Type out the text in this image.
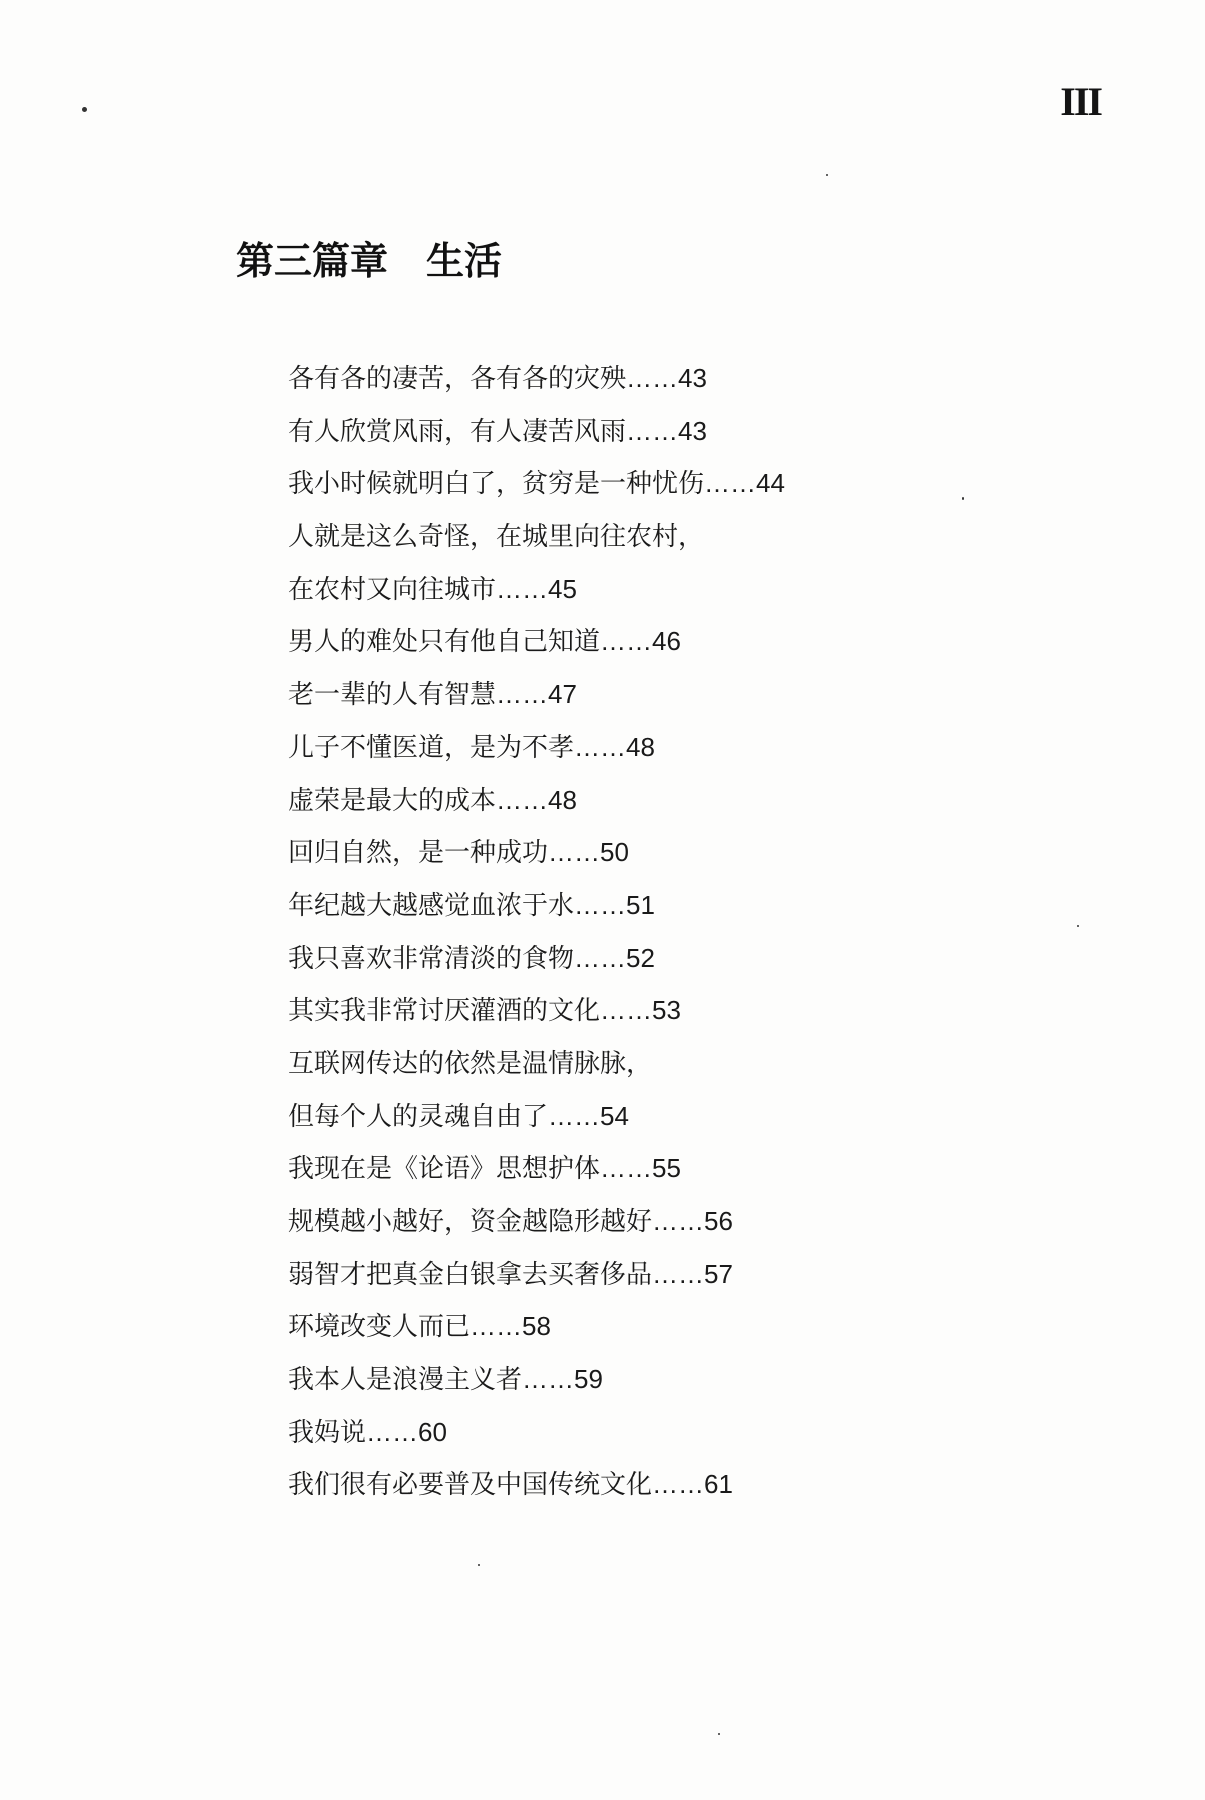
III
第三篇章 生活
各有各的凄苦，各有各的灾殃……43
有人欣赏风雨，有人凄苦风雨……43
我小时候就明白了，贫穷是一种忧伤……44
人就是这么奇怪，在城里向往农村，
在农村又向往城市……45
男人的难处只有他自己知道……46
老一辈的人有智慧……47
儿子不懂医道，是为不孝……48
虚荣是最大的成本……48
回归自然，是一种成功……50
年纪越大越感觉血浓于水……51
我只喜欢非常清淡的食物……52
其实我非常讨厌灌酒的文化……53
互联网传达的依然是温情脉脉，
但每个人的灵魂自由了……54
我现在是《论语》思想护体……55
规模越小越好，资金越隐形越好……56
弱智才把真金白银拿去买奢侈品……57
环境改变人而已……58
我本人是浪漫主义者……59
我妈说……60
我们很有必要普及中国传统文化……61
